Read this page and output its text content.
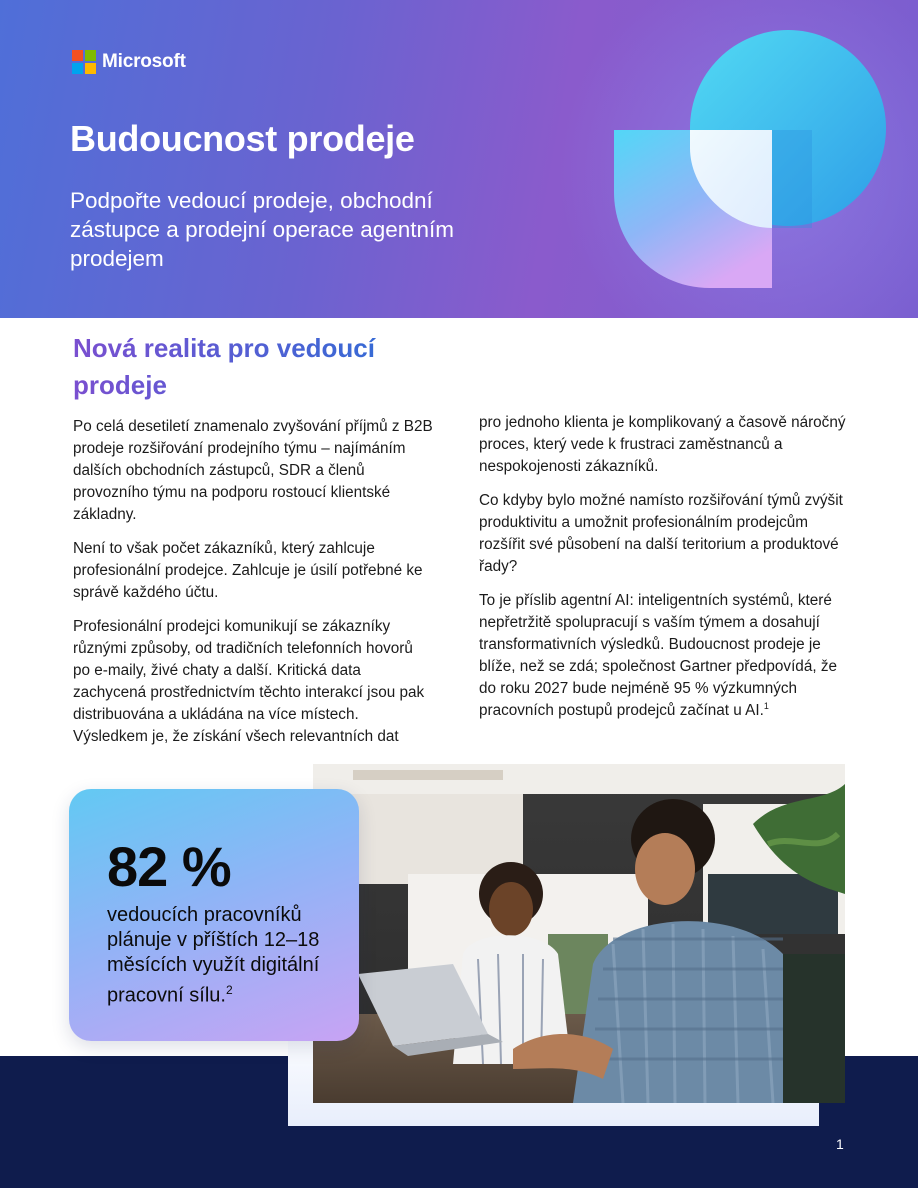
Microsoft
Budoucnost prodeje

Podpořte vedoucí prodeje, obchodní zástupce a prodejní operace agentním prodejem

Nová realita pro vedoucí prodeje

Po celá desetiletí znamenalo zvyšování příjmů z B2B prodeje rozšiřování prodejního týmu – najímáním dalších obchodních zástupců, SDR a členů provozního týmu na podporu rostoucí klientské základny.

Není to však počet zákazníků, který zahlcuje profesionální prodejce. Zahlcuje je úsilí potřebné ke správě každého účtu.

Profesionální prodejci komunikují se zákazníky různými způsoby, od tradičních telefonních hovorů po e-maily, živé chaty a další. Kritická data zachycená prostřednictvím těchto interakcí jsou pak distribuována a ukládána na více místech. Výsledkem je, že získání všech relevantních dat

pro jednoho klienta je komplikovaný a časově náročný proces, který vede k frustraci zaměstnanců a nespokojenosti zákazníků.

Co kdyby bylo možné namísto rozšiřování týmů zvýšit produktivitu a umožnit profesionálním prodejcům rozšířit své působení na další teritorium a produktové řady?

To je příslib agentní AI: inteligentních systémů, které nepřetržitě spolupracují s vaším týmem a dosahují transformativních výsledků. Budoucnost prodeje je blíže, než se zdá; společnost Gartner předpovídá, že do roku 2027 bude nejméně 95 % výzkumných pracovních postupů prodejců začínat u AI.$^1$

82 %

vedoucích pracovníků plánuje v příštích 12–18 měsících využít digitální pracovní sílu.$^2$

1
